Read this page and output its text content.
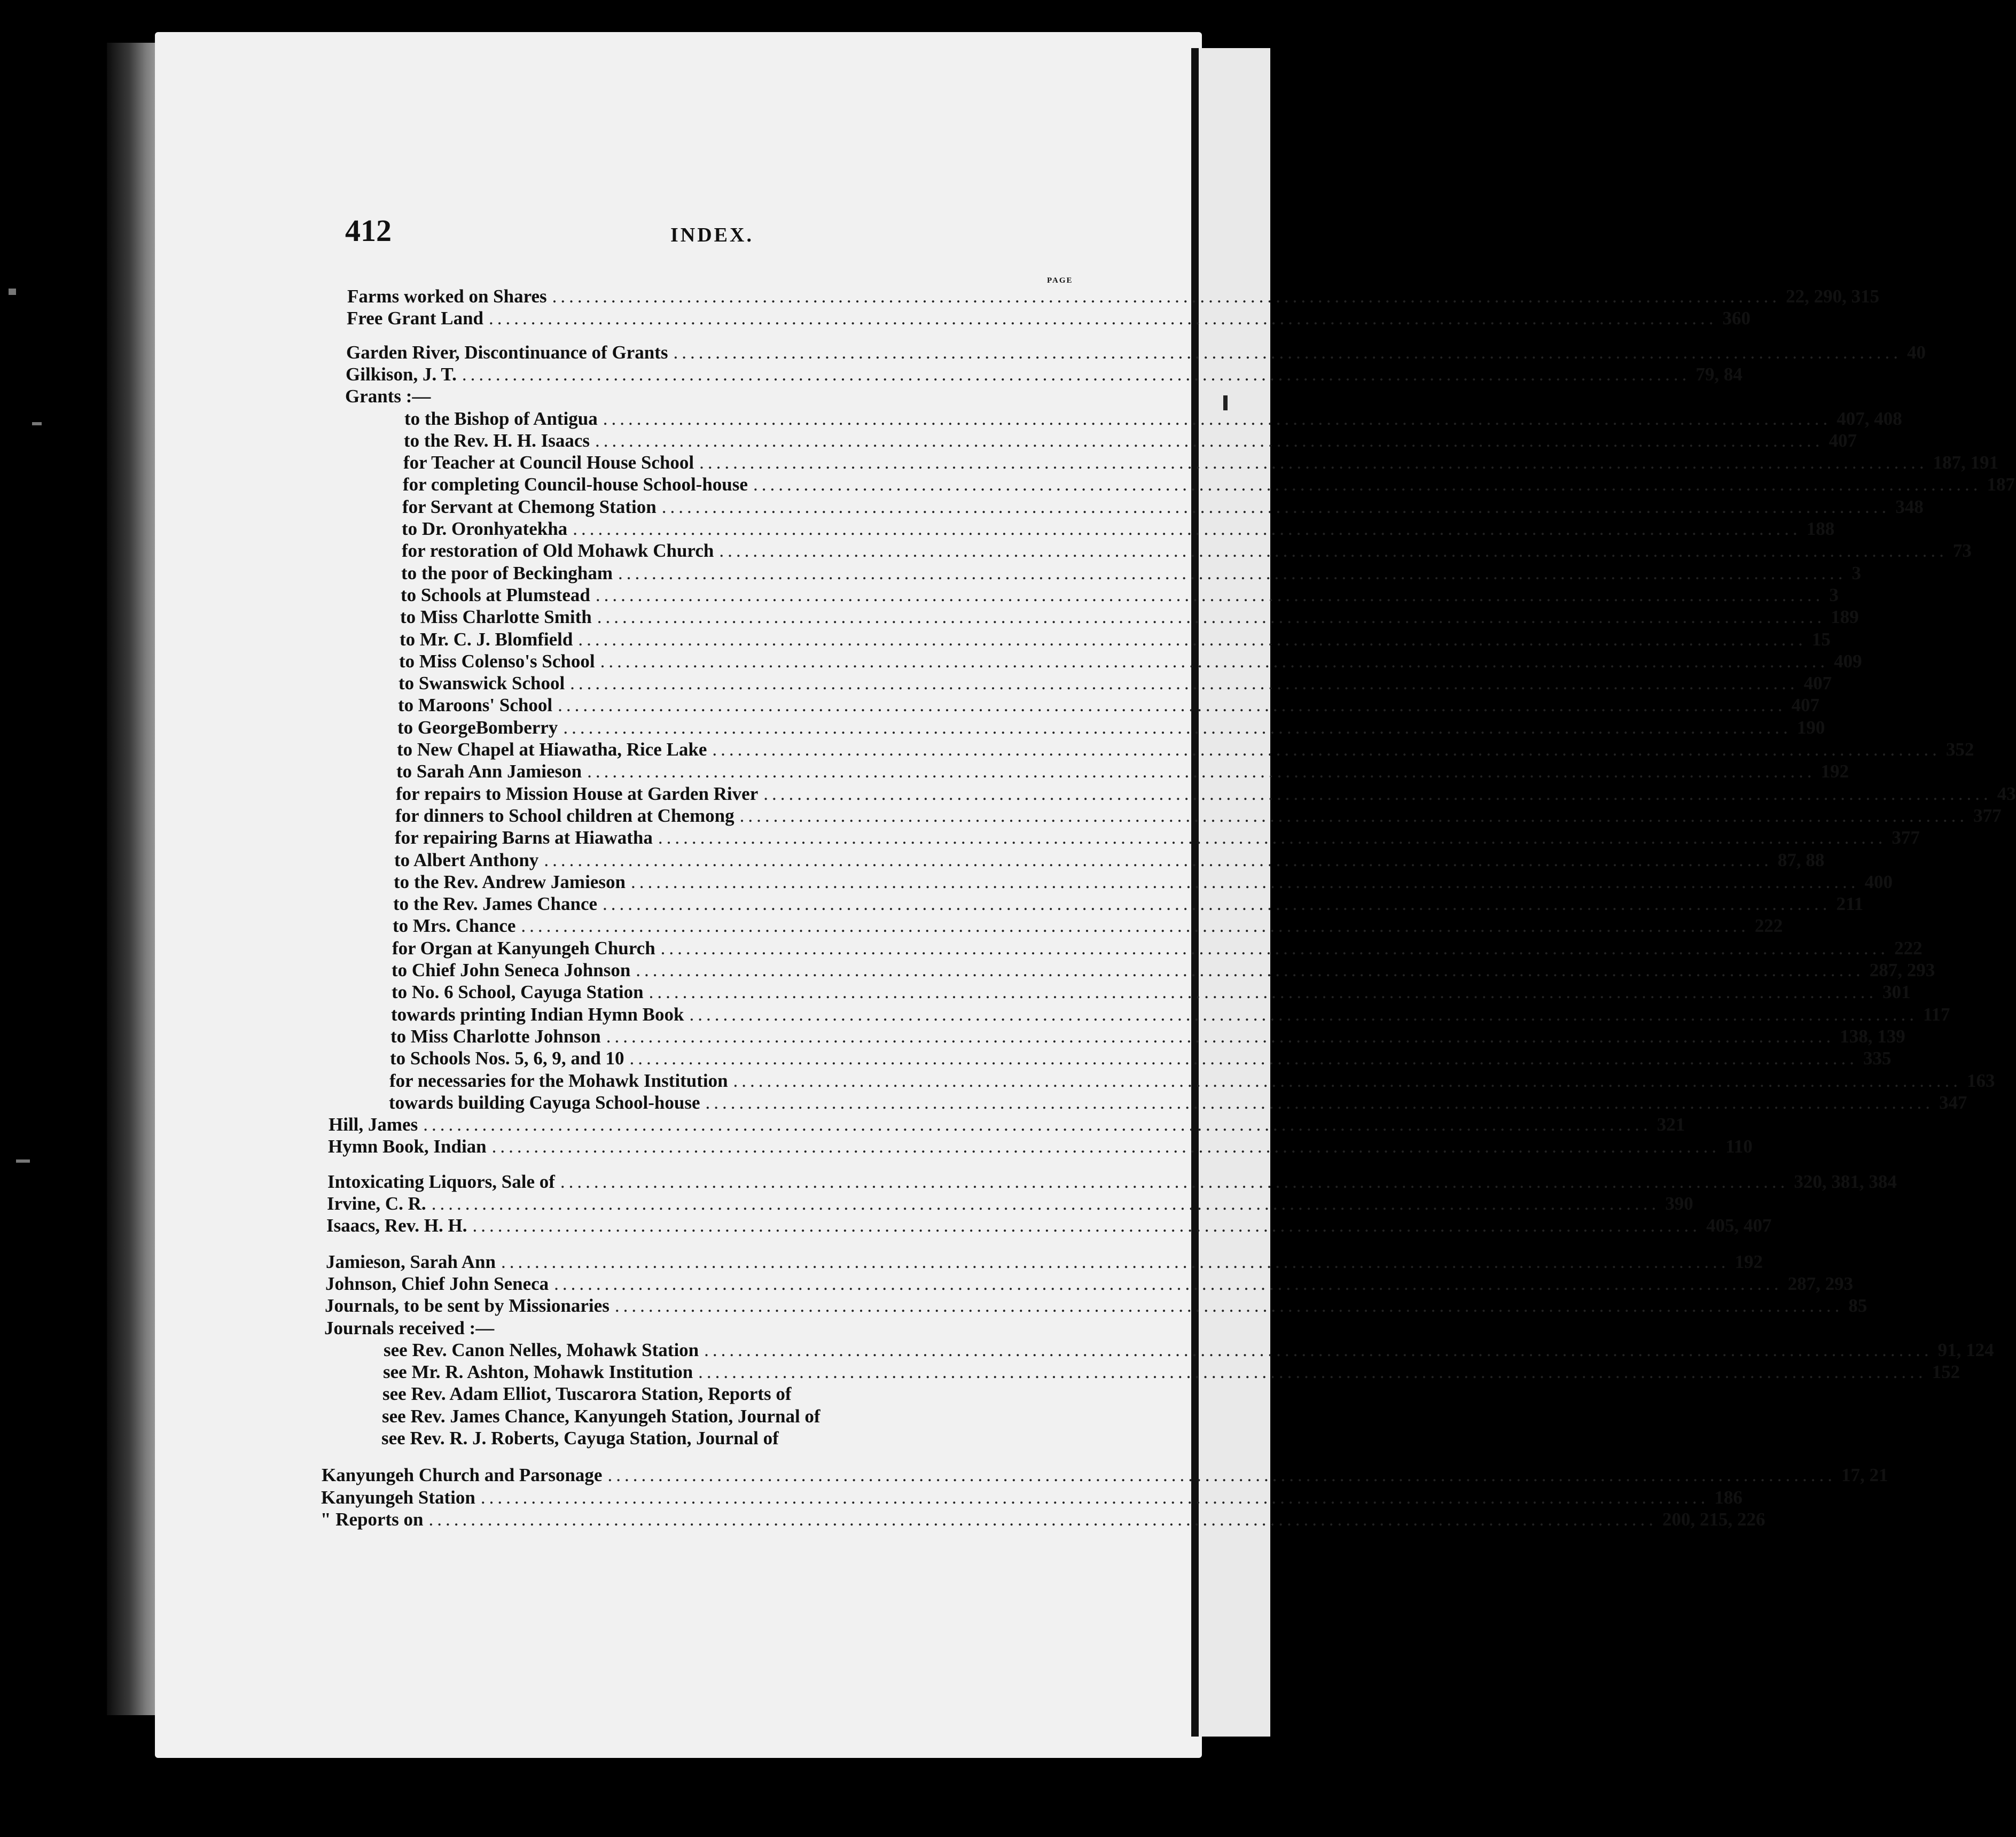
412	INDEX.
PAGE
Farms worked on Shares .................................................................................................................................................. 22, 290, 315
Free Grant Land .................................................................................................................................................. 360
Garden River, Discontinuance of Grants .................................................................................................................................................. 40
Gilkison, J. T. .................................................................................................................................................. 79, 84
Grants :—
to the Bishop of Antigua .................................................................................................................................................. 407, 408
to the Rev. H. H. Isaacs .................................................................................................................................................. 407
for Teacher at Council House School .................................................................................................................................................. 187, 191
for completing Council-house School-house .................................................................................................................................................. 187
for Servant at Chemong Station .................................................................................................................................................. 348
to Dr. Oronhyatekha .................................................................................................................................................. 188
for restoration of Old Mohawk Church .................................................................................................................................................. 73
to the poor of Beckingham .................................................................................................................................................. 3
to Schools at Plumstead .................................................................................................................................................. 3
to Miss Charlotte Smith .................................................................................................................................................. 189
to Mr. C. J. Blomfield .................................................................................................................................................. 15
to Miss Colenso's School .................................................................................................................................................. 409
to Swanswick School .................................................................................................................................................. 407
to Maroons' School .................................................................................................................................................. 407
to GeorgeBomberry .................................................................................................................................................. 190
to New Chapel at Hiawatha, Rice Lake .................................................................................................................................................. 352
to Sarah Ann Jamieson .................................................................................................................................................. 192
for repairs to Mission House at Garden River .................................................................................................................................................. 43
for dinners to School children at Chemong .................................................................................................................................................. 377
for repairing Barns at Hiawatha .................................................................................................................................................. 377
to Albert Anthony .................................................................................................................................................. 87, 88
to the Rev. Andrew Jamieson .................................................................................................................................................. 400
to the Rev. James Chance .................................................................................................................................................. 211
to Mrs. Chance .................................................................................................................................................. 222
for Organ at Kanyungeh Church .................................................................................................................................................. 222
to Chief John Seneca Johnson .................................................................................................................................................. 287, 293
to No. 6 School, Cayuga Station .................................................................................................................................................. 301
towards printing Indian Hymn Book .................................................................................................................................................. 117
to Miss Charlotte Johnson .................................................................................................................................................. 138, 139
to Schools Nos. 5, 6, 9, and 10 .................................................................................................................................................. 335
for necessaries for the Mohawk Institution .................................................................................................................................................. 163
towards building Cayuga School-house .................................................................................................................................................. 347
Hill, James .................................................................................................................................................. 321
Hymn Book, Indian .................................................................................................................................................. 110
Intoxicating Liquors, Sale of .................................................................................................................................................. 320, 381, 384
Irvine, C. R. .................................................................................................................................................. 390
Isaacs, Rev. H. H. .................................................................................................................................................. 405, 407
Jamieson, Sarah Ann .................................................................................................................................................. 192
Johnson, Chief John Seneca .................................................................................................................................................. 287, 293
Journals, to be sent by Missionaries .................................................................................................................................................. 85
Journals received :—
see Rev. Canon Nelles, Mohawk Station .................................................................................................................................................. 91, 124
see Mr. R. Ashton, Mohawk Institution .................................................................................................................................................. 152
see Rev. Adam Elliot, Tuscarora Station, Reports of
see Rev. James Chance, Kanyungeh Station, Journal of
see Rev. R. J. Roberts, Cayuga Station, Journal of
Kanyungeh Church and Parsonage .................................................................................................................................................. 17, 21
Kanyungeh Station .................................................................................................................................................. 186
" Reports on .................................................................................................................................................. 200, 215, 226
